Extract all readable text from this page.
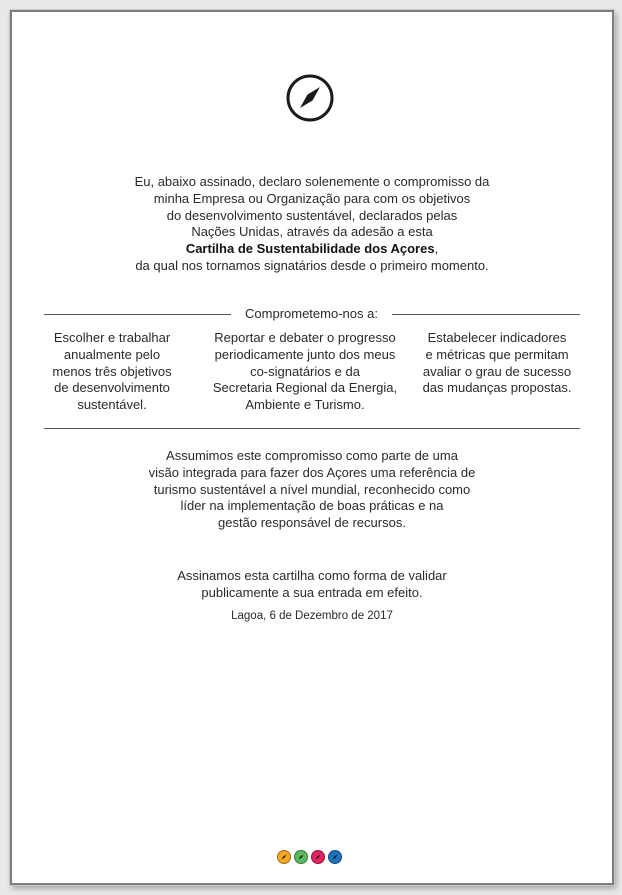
Eu, abaixo assinado, declaro solenemente o compromisso da
minha Empresa ou Organização para com os objetivos
do desenvolvimento sustentável, declarados pelas
Nações Unidas, através da adesão a esta
Cartilha de Sustentabilidade dos Açores,
da qual nos tornamos signatários desde o primeiro momento.
Comprometemo-nos a:
Escolher e trabalhar
anualmente pelo
menos três objetivos
de desenvolvimento
sustentável.
Reportar e debater o progresso
periodicamente junto dos meus
co-signatários e da
Secretaria Regional da Energia,
Ambiente e Turismo.
Estabelecer indicadores
e métricas que permitam
avaliar o grau de sucesso
das mudanças propostas.
Assumimos este compromisso como parte de uma
visão integrada para fazer dos Açores uma referência de
turismo sustentável a nível mundial, reconhecido como
líder na implementação de boas práticas e na
gestão responsável de recursos.
Assinamos esta cartilha como forma de validar
publicamente a sua entrada em efeito.
Lagoa, 6 de Dezembro de 2017
